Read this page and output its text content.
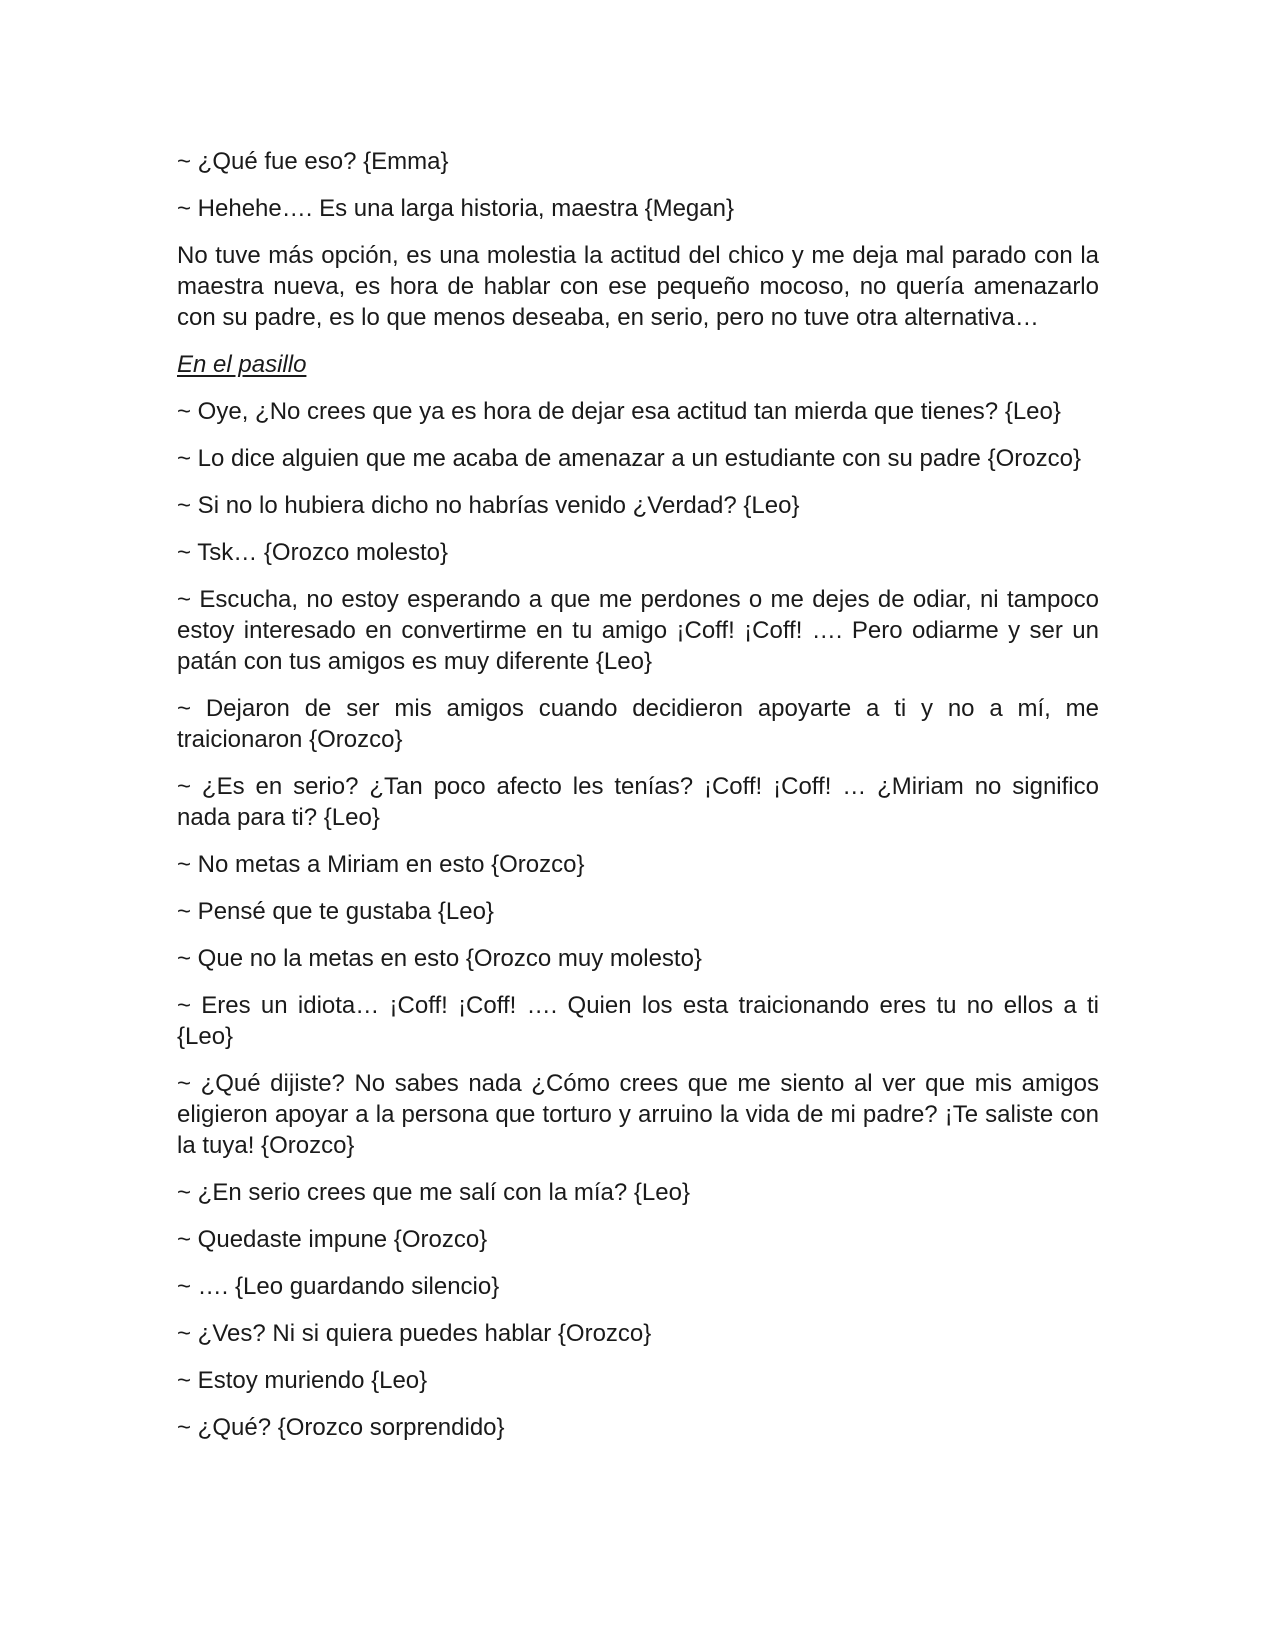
~ ¿Qué fue eso? {Emma}

~ Hehehe…. Es una larga historia, maestra {Megan}

No tuve más opción, es una molestia la actitud del chico y me deja mal parado con la maestra nueva, es hora de hablar con ese pequeño mocoso, no quería amenazarlo con su padre, es lo que menos deseaba, en serio, pero no tuve otra alternativa…

En el pasillo

~ Oye, ¿No crees que ya es hora de dejar esa actitud tan mierda que tienes? {Leo}

~ Lo dice alguien que me acaba de amenazar a un estudiante con su padre {Orozco}

~ Si no lo hubiera dicho no habrías venido ¿Verdad? {Leo}

~ Tsk… {Orozco molesto}

~ Escucha, no estoy esperando a que me perdones o me dejes de odiar, ni tampoco estoy interesado en convertirme en tu amigo ¡Coff! ¡Coff! …. Pero odiarme y ser un patán con tus amigos es muy diferente {Leo}

~ Dejaron de ser mis amigos cuando decidieron apoyarte a ti y no a mí, me traicionaron {Orozco}

~ ¿Es en serio? ¿Tan poco afecto les tenías? ¡Coff! ¡Coff! … ¿Miriam no significo nada para ti? {Leo}

~ No metas a Miriam en esto {Orozco}

~ Pensé que te gustaba {Leo}

~ Que no la metas en esto {Orozco muy molesto}

~ Eres un idiota… ¡Coff! ¡Coff! …. Quien los esta traicionando eres tu no ellos a ti {Leo}

~ ¿Qué dijiste? No sabes nada ¿Cómo crees que me siento al ver que mis amigos eligieron apoyar a la persona que torturo y arruino la vida de mi padre? ¡Te saliste con la tuya! {Orozco}

~ ¿En serio crees que me salí con la mía? {Leo}

~ Quedaste impune {Orozco}

~ …. {Leo guardando silencio}

~ ¿Ves? Ni si quiera puedes hablar {Orozco}

~ Estoy muriendo {Leo}

~ ¿Qué? {Orozco sorprendido}
